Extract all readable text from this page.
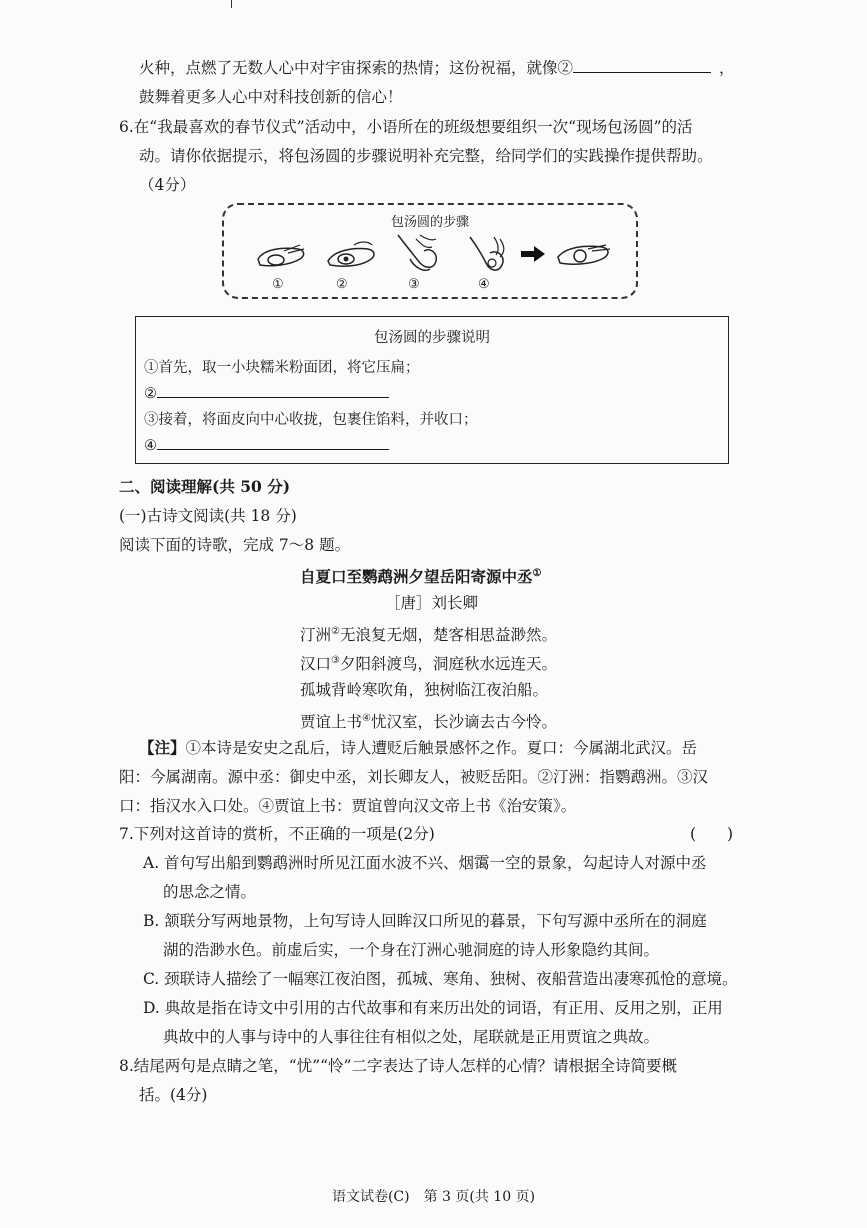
火种，点燃了无数人心中对宇宙探索的热情；这份祝福，就像②	，
鼓舞着更多人心中对科技创新的信心！
6.在“我最喜欢的春节仪式”活动中，小语所在的班级想要组织一次“现场包汤圆”的活
动。请你依据提示，将包汤圆的步骤说明补充完整，给同学们的实践操作提供帮助。
（4分）
包汤圆的步骤
①	②	③	④
包汤圆的步骤说明
①首先，取一小块糯米粉面团，将它压扁；
②
③接着，将面皮向中心收拢，包裹住馅料，并收口；
④
二、阅读理解(共 50 分)
(一)古诗文阅读(共 18 分)
阅读下面的诗歌，完成 7～8 题。
自夏口至鹦鹉洲夕望岳阳寄源中丞①
［唐］刘长卿
汀洲②无浪复无烟，楚客相思益渺然。
汉口③夕阳斜渡鸟，洞庭秋水远连天。
孤城背岭寒吹角，独树临江夜泊船。
贾谊上书④忧汉室，长沙谪去古今怜。
【注】①本诗是安史之乱后，诗人遭贬后触景感怀之作。夏口：今属湖北武汉。岳
阳：今属湖南。源中丞：御史中丞，刘长卿友人，被贬岳阳。②汀洲：指鹦鹉洲。③汉
口：指汉水入口处。④贾谊上书：贾谊曾向汉文帝上书《治安策》。
7.下列对这首诗的赏析，不正确的一项是(2分)	(　　)
A. 首句写出船到鹦鹉洲时所见江面水波不兴、烟霭一空的景象，勾起诗人对源中丞
的思念之情。
B. 颔联分写两地景物，上句写诗人回眸汉口所见的暮景，下句写源中丞所在的洞庭
湖的浩渺水色。前虚后实，一个身在汀洲心驰洞庭的诗人形象隐约其间。
C. 颈联诗人描绘了一幅寒江夜泊图，孤城、寒角、独树、夜船营造出凄寒孤怆的意境。
D. 典故是指在诗文中引用的古代故事和有来历出处的词语，有正用、反用之别，正用
典故中的人事与诗中的人事往往有相似之处，尾联就是正用贾谊之典故。
8.结尾两句是点睛之笔，“忧”“怜”二字表达了诗人怎样的心情？请根据全诗简要概
括。(4分)
语文试卷(C)　第 3 页(共 10 页)
